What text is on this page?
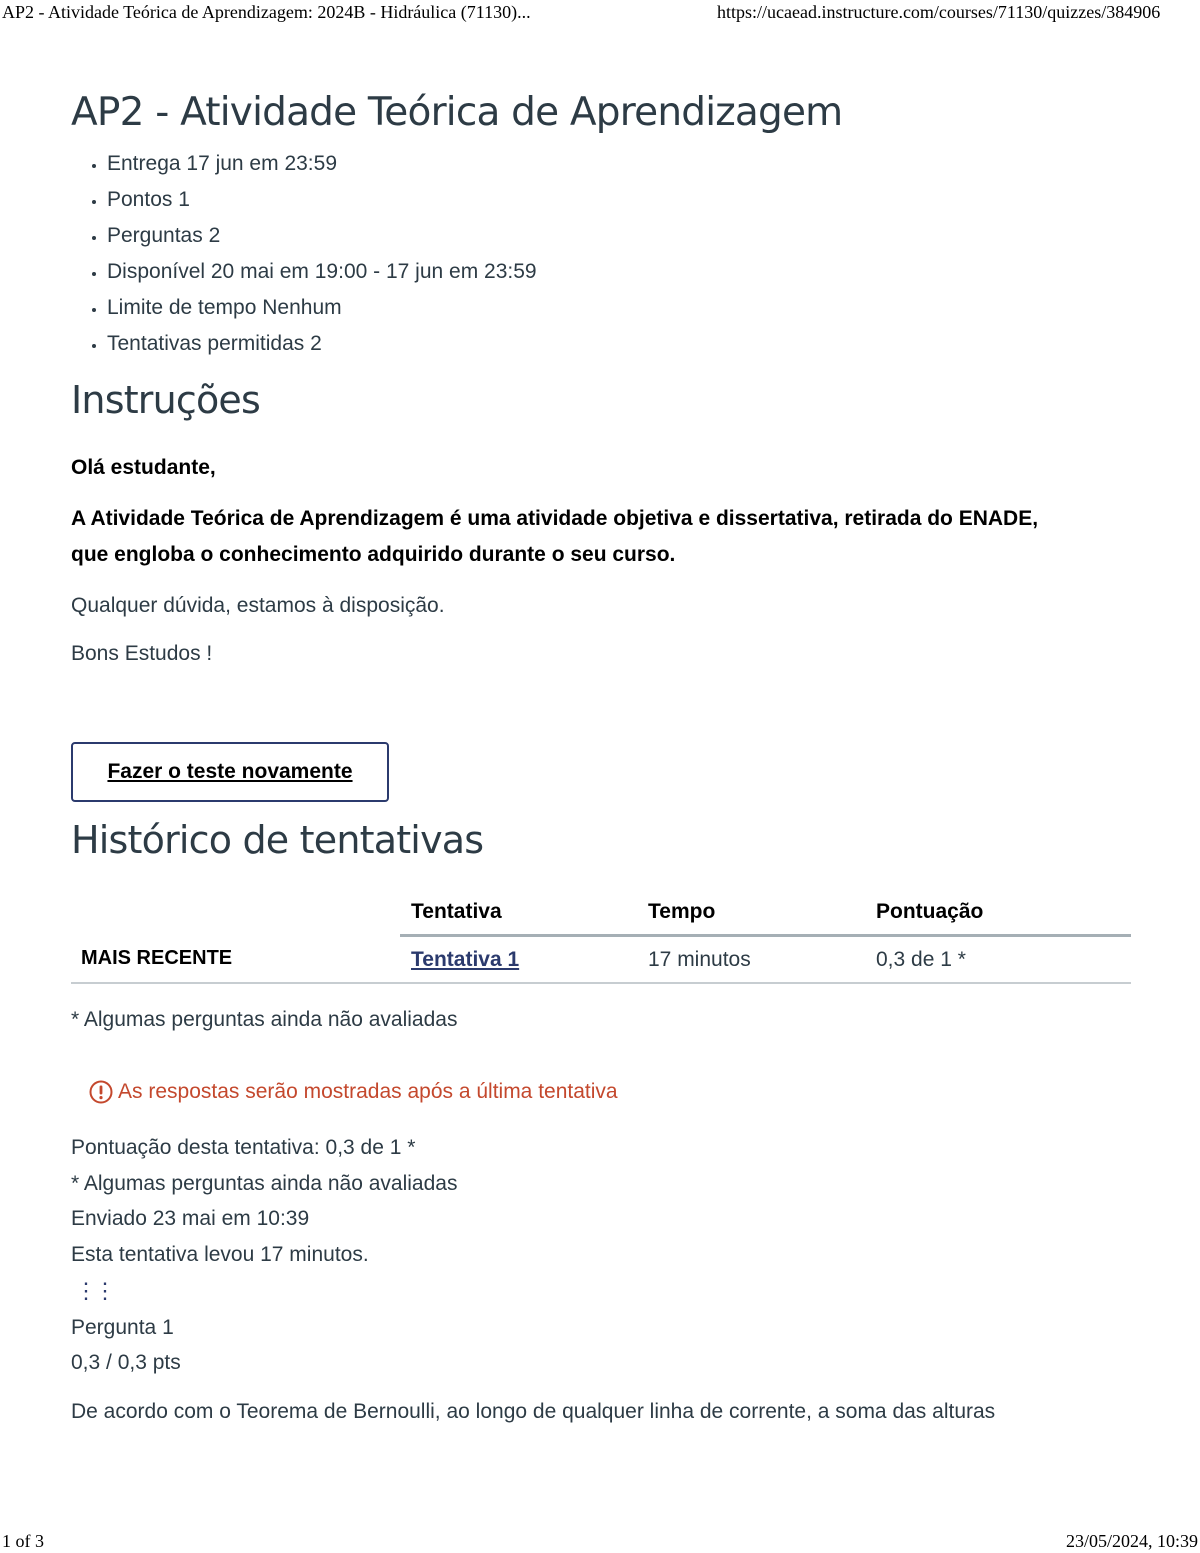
AP2 - Atividade Teórica de Aprendizagem: 2024B - Hidráulica (71130)...	https://ucaead.instructure.com/courses/71130/quizzes/384906
AP2 - Atividade Teórica de Aprendizagem
• Entrega 17 jun em 23:59
• Pontos 1
• Perguntas 2
• Disponível 20 mai em 19:00 - 17 jun em 23:59
• Limite de tempo Nenhum
• Tentativas permitidas 2
Instruções

Olá estudante,

A Atividade Teórica de Aprendizagem é uma atividade objetiva e dissertativa, retirada do ENADE, que engloba o conhecimento adquirido durante o seu curso.

Qualquer dúvida, estamos à disposição.

Bons Estudos !

Fazer o teste novamente
Histórico de tentativas
	Tentativa	Tempo	Pontuação
MAIS RECENTE	Tentativa 1	17 minutos	0,3 de 1 *

* Algumas perguntas ainda não avaliadas

As respostas serão mostradas após a última tentativa

Pontuação desta tentativa: 0,3 de 1 *

* Algumas perguntas ainda não avaliadas

Enviado 23 mai em 10:39

Esta tentativa levou 17 minutos.

⋮⋮

Pergunta 1

0,3 / 0,3 pts

De acordo com o Teorema de Bernoulli, ao longo de qualquer linha de corrente, a soma das alturas

1 of 3	23/05/2024, 10:39
